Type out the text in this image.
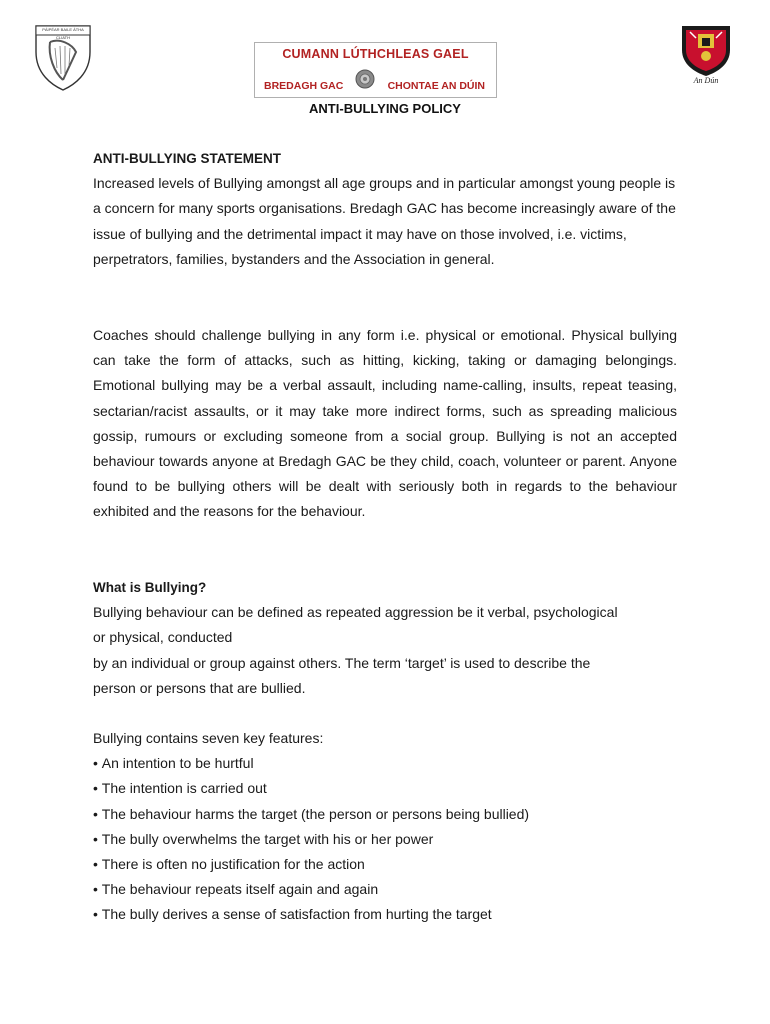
PÁIPÉAR BAILE ÁTHA CLIATH
CUMANN LÚTHCHLEAS GAEL
BREDAGH GAC	CHONTAE AN DÚIN	An Dún
ANTI-BULLYING POLICY
ANTI-BULLYING STATEMENT

Increased levels of Bullying amongst all age groups and in particular amongst young people is a concern for many sports organisations. Bredagh GAC has become increasingly aware of the issue of bullying and the detrimental impact it may have on those involved, i.e. victims, perpetrators, families, bystanders and the Association in general.

Coaches should challenge bullying in any form i.e. physical or emotional. Physical bullying can take the form of attacks, such as hitting, kicking, taking or damaging belongings. Emotional bullying may be a verbal assault, including name-calling, insults, repeat teasing, sectarian/racist assaults, or it may take more indirect forms, such as spreading malicious gossip, rumours or excluding someone from a social group. Bullying is not an accepted behaviour towards anyone at Bredagh GAC be they child, coach, volunteer or parent. Anyone found to be bullying others will be dealt with seriously both in regards to the behaviour exhibited and the reasons for the behaviour.

What is Bullying?
Bullying behaviour can be defined as repeated aggression be it verbal, psychological
or physical, conducted
by an individual or group against others. The term ‘target’ is used to describe the
person or persons that are bullied.
Bullying contains seven key features:
• An intention to be hurtful
• The intention is carried out
• The behaviour harms the target (the person or persons being bullied)
• The bully overwhelms the target with his or her power
• There is often no justification for the action
• The behaviour repeats itself again and again
• The bully derives a sense of satisfaction from hurting the target
